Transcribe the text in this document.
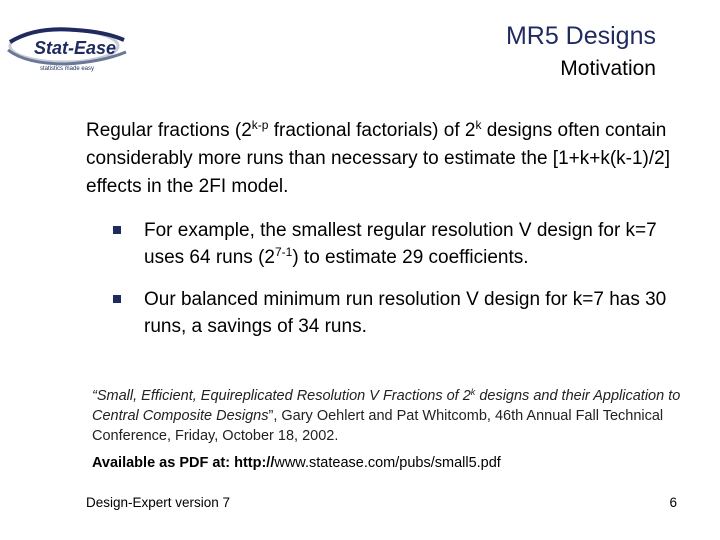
Stat-Ease
statistics made easy
MR5 Designs
Motivation

Regular fractions (2$^{k-p}$ fractional factorials) of 2$^k$ designs often contain considerably more runs than necessary to estimate the [1+k+k(k-1)/2] effects in the 2FI model.

For example, the smallest regular resolution V design for k=7 uses 64 runs (2$^{7-1}$) to estimate 29 coefficients.

Our balanced minimum run resolution V design for k=7 has 30 runs, a savings of 34 runs.

“Small, Efficient, Equireplicated Resolution V Fractions of 2$^k$ designs and their Application to Central Composite Designs”, Gary Oehlert and Pat Whitcomb, 46th Annual Fall Technical Conference, Friday, October 18, 2002.

Available as PDF at: http://www.statease.com/pubs/small5.pdf

Design-Expert version 7	6
